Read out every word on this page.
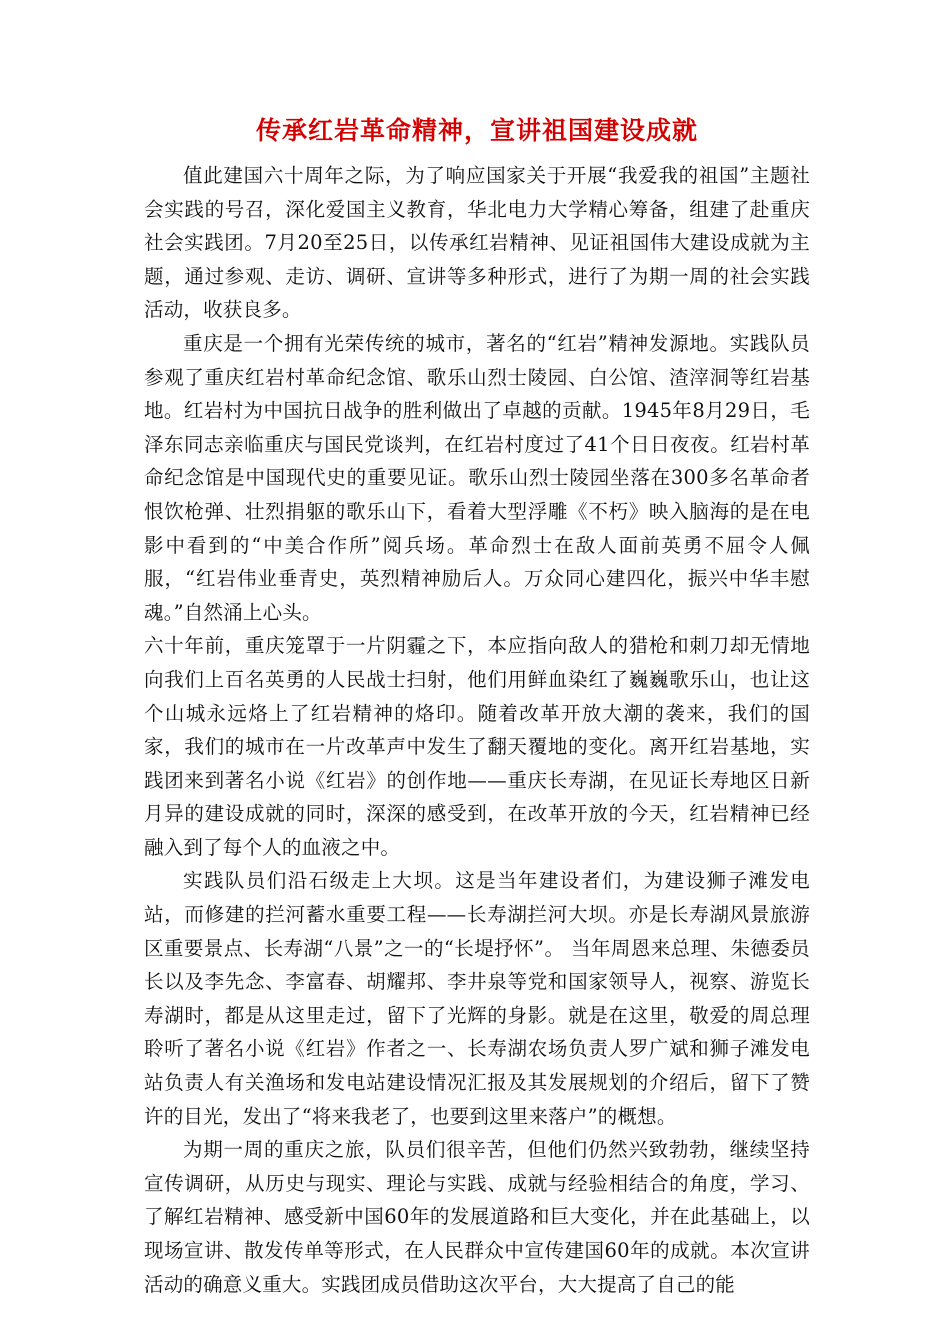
传承红岩革命精神，宣讲祖国建设成就

值此建国六十周年之际，为了响应国家关于开展“我爱我的祖国”主题社会实践的号召，深化爱国主义教育，华北电力大学精心筹备，组建了赴重庆社会实践团。7月20至25日，以传承红岩精神、见证祖国伟大建设成就为主题，通过参观、走访、调研、宣讲等多种形式，进行了为期一周的社会实践活动，收获良多。

重庆是一个拥有光荣传统的城市，著名的“红岩”精神发源地。实践队员参观了重庆红岩村革命纪念馆、歌乐山烈士陵园、白公馆、渣滓洞等红岩基地。红岩村为中国抗日战争的胜利做出了卓越的贡献。1945年8月29日，毛泽东同志亲临重庆与国民党谈判，在红岩村度过了41个日日夜夜。红岩村革命纪念馆是中国现代史的重要见证。歌乐山烈士陵园坐落在300多名革命者恨饮枪弹、壮烈捐躯的歌乐山下，看着大型浮雕《不朽》映入脑海的是在电影中看到的“中美合作所”阅兵场。革命烈士在敌人面前英勇不屈令人佩服，“红岩伟业垂青史，英烈精神励后人。万众同心建四化，振兴中华丰慰魂。”自然涌上心头。

六十年前，重庆笼罩于一片阴霾之下，本应指向敌人的猎枪和刺刀却无情地向我们上百名英勇的人民战士扫射，他们用鲜血染红了巍巍歌乐山，也让这个山城永远烙上了红岩精神的烙印。随着改革开放大潮的袭来，我们的国家，我们的城市在一片改革声中发生了翻天覆地的变化。离开红岩基地，实践团来到著名小说《红岩》的创作地——重庆长寿湖，在见证长寿地区日新月异的建设成就的同时，深深的感受到，在改革开放的今天，红岩精神已经融入到了每个人的血液之中。

实践队员们沿石级走上大坝。这是当年建设者们，为建设狮子滩发电站，而修建的拦河蓄水重要工程——长寿湖拦河大坝。亦是长寿湖风景旅游区重要景点、长寿湖“八景”之一的“长堤抒怀”。 当年周恩来总理、朱德委员长以及李先念、李富春、胡耀邦、李井泉等党和国家领导人，视察、游览长寿湖时，都是从这里走过，留下了光辉的身影。就是在这里，敬爱的周总理聆听了著名小说《红岩》作者之一、长寿湖农场负责人罗广斌和狮子滩发电站负责人有关渔场和发电站建设情况汇报及其发展规划的介绍后，留下了赞许的目光，发出了“将来我老了，也要到这里来落户”的概想。

为期一周的重庆之旅，队员们很辛苦，但他们仍然兴致勃勃，继续坚持宣传调研，从历史与现实、理论与实践、成就与经验相结合的角度，学习、了解红岩精神、感受新中国60年的发展道路和巨大变化，并在此基础上，以现场宣讲、散发传单等形式，在人民群众中宣传建国60年的成就。本次宣讲活动的确意义重大。实践团成员借助这次平台，大大提高了自己的能
